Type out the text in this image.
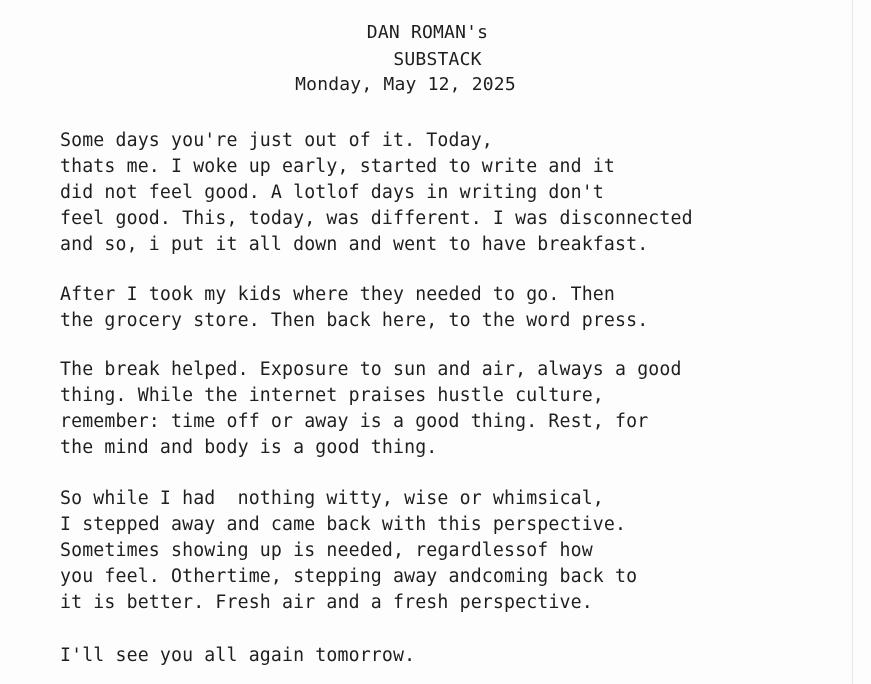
DAN ROMAN's
SUBSTACK
Monday, May 12, 2025
Some days you're just out of it. Today,
thats me. I woke up early, started to write and it
did not feel good. A lotlof days in writing don't
feel good. This, today, was different. I was disconnected
and so, i put it all down and went to have breakfast.
After I took my kids where they needed to go. Then
the grocery store. Then back here, to the word press.
The break helped. Exposure to sun and air, always a good
thing. While the internet praises hustle culture,
remember: time off or away is a good thing. Rest, for
the mind and body is a good thing.
So while I had  nothing witty, wise or whimsical,
I stepped away and came back with this perspective.
Sometimes showing up is needed, regardlessof how
you feel. Othertime, stepping away andcoming back to
it is better. Fresh air and a fresh perspective.
I'll see you all again tomorrow.
